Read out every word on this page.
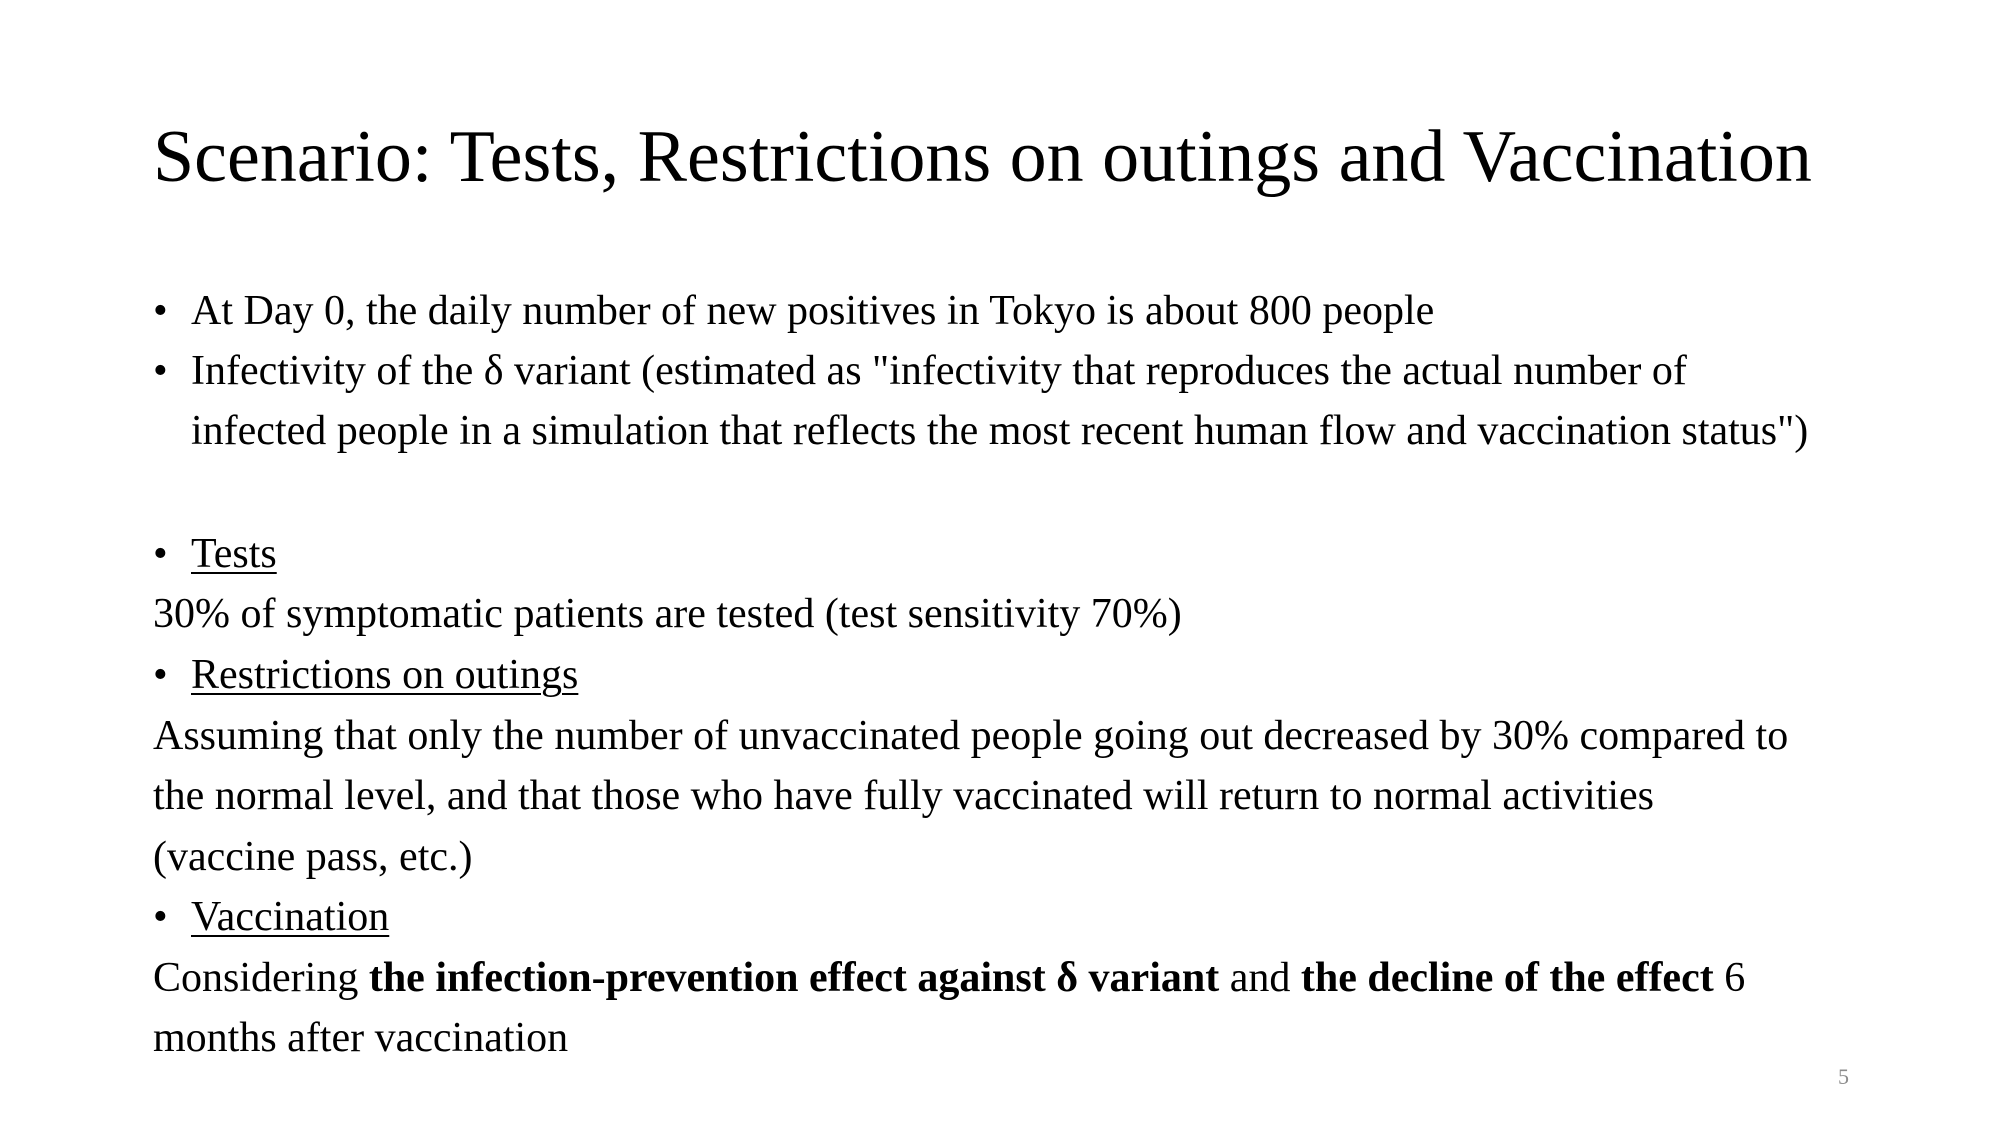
Scenario: Tests, Restrictions on outings and Vaccination
• At Day 0, the daily number of new positives in Tokyo is about 800 people
• Infectivity of the δ variant (estimated as "infectivity that reproduces the actual number of
infected people in a simulation that reflects the most recent human flow and vaccination status")
• Tests
30% of symptomatic patients are tested (test sensitivity 70%)
• Restrictions on outings
Assuming that only the number of unvaccinated people going out decreased by 30% compared to
the normal level, and that those who have fully vaccinated will return to normal activities
(vaccine pass, etc.)
• Vaccination
Considering the infection-prevention effect against δ variant and the decline of the effect 6
months after vaccination
5
